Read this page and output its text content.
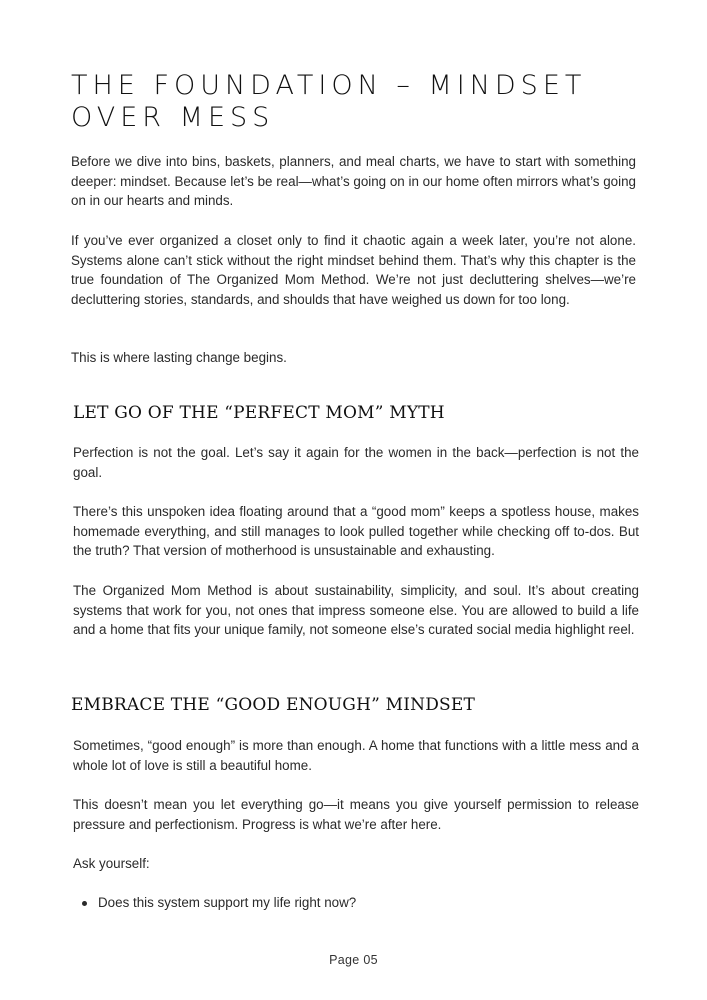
THE FOUNDATION – MINDSET OVER MESS

Before we dive into bins, baskets, planners, and meal charts, we have to start with something deeper: mindset. Because let’s be real—what’s going on in our home often mirrors what’s going on in our hearts and minds.

If you’ve ever organized a closet only to find it chaotic again a week later, you’re not alone. Systems alone can’t stick without the right mindset behind them. That’s why this chapter is the true foundation of The Organized Mom Method. We’re not just decluttering shelves—we’re decluttering stories, standards, and shoulds that have weighed us down for too long.

This is where lasting change begins.

LET GO OF THE “PERFECT MOM” MYTH

Perfection is not the goal. Let’s say it again for the women in the back—perfection is not the goal.

There’s this unspoken idea floating around that a “good mom” keeps a spotless house, makes homemade everything, and still manages to look pulled together while checking off to-dos. But the truth? That version of motherhood is unsustainable and exhausting.

The Organized Mom Method is about sustainability, simplicity, and soul. It’s about creating systems that work for you, not ones that impress someone else. You are allowed to build a life and a home that fits your unique family, not someone else’s curated social media highlight reel.

EMBRACE THE “GOOD ENOUGH” MINDSET

Sometimes, “good enough” is more than enough. A home that functions with a little mess and a whole lot of love is still a beautiful home.

This doesn’t mean you let everything go—it means you give yourself permission to release pressure and perfectionism. Progress is what we’re after here.

Ask yourself:

Does this system support my life right now?
Page 05
